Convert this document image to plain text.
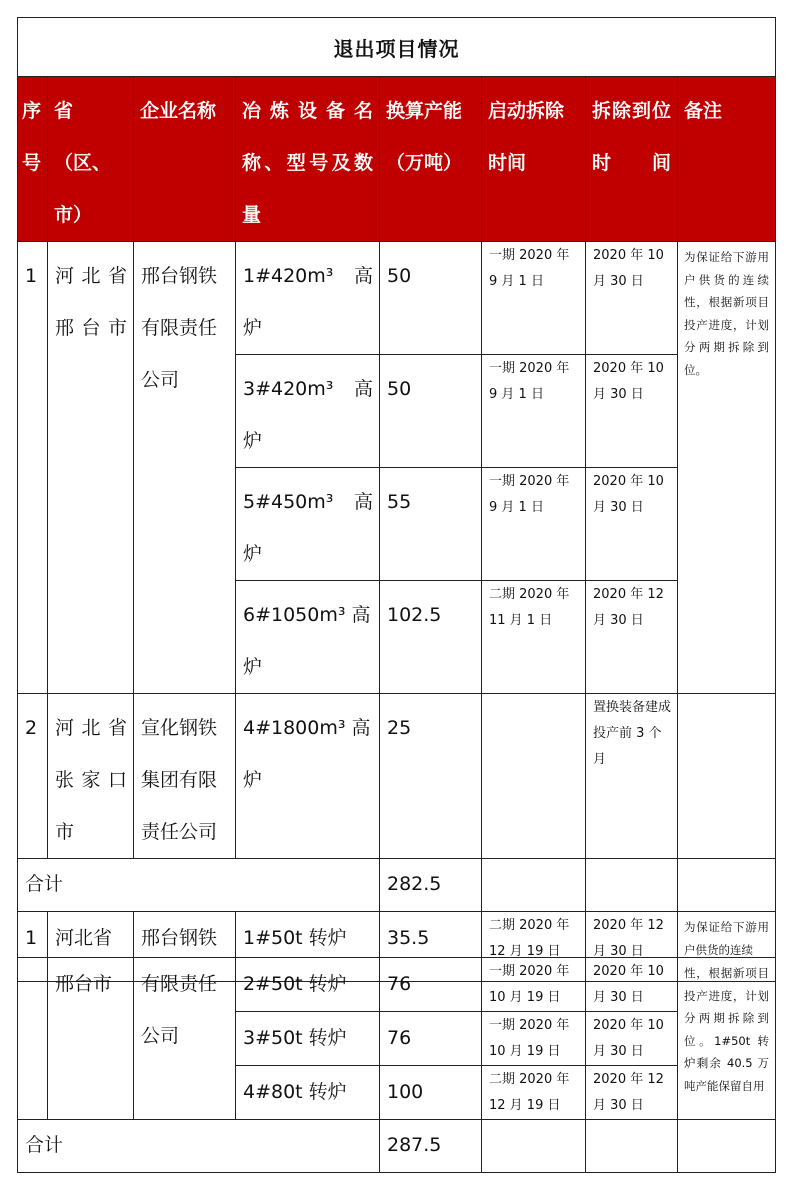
退出项目情况							
序号	省（区、市）	企业名称	冶炼设备名称、型号及数量	换算产能（万吨）	启动拆除时间	拆除到位时间	备注
1	河北省邢台市	邢台钢铁有限责任公司	1#420m³ 高炉	50	一期 2020 年 9 月 1 日	2020 年 10 月 30 日	为保证给下游用户供货的连续性，根据新项目投产进度，计划分两期拆除到位。
			3#420m³ 高炉	50	一期 2020 年 9 月 1 日	2020 年 10 月 30 日	
			5#450m³ 高炉	55	一期 2020 年 9 月 1 日	2020 年 10 月 30 日	
			6#1050m³ 高炉	102.5	二期 2020 年 11 月 1 日	2020 年 12 月 30 日	
2	河北省张家口市	宣化钢铁集团有限责任公司	4#1800m³ 高炉	25		置换装备建成投产前 3 个月	
合计				282.5			
1	河北省	邢台钢铁	1#50t 转炉	35.5	二期 2020 年 12 月 19 日	2020 年 12 月 30 日	为保证给下游用户供货的连续
	邢台市	有限责任公司	2#50t 转炉	76	一期 2020 年 10 月 19 日	2020 年 10 月 30 日	性，根据新项目投产进度，计划分两期拆除到位。1#50t 转炉剩余 40.5 万吨产能保留自用
			3#50t 转炉	76	一期 2020 年 10 月 19 日	2020 年 10 月 30 日	
			4#80t 转炉	100	二期 2020 年 12 月 19 日	2020 年 12 月 30 日	
合计				287.5			
